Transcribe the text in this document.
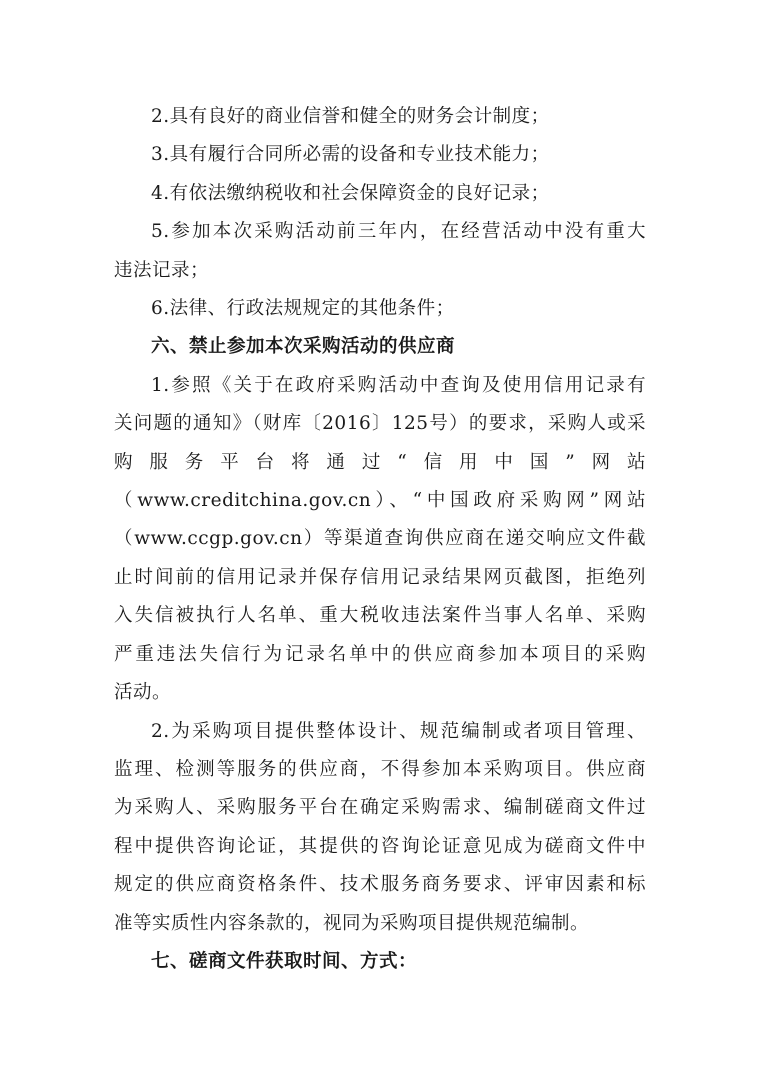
2.具有良好的商业信誉和健全的财务会计制度；

3.具有履行合同所必需的设备和专业技术能力；

4.有依法缴纳税收和社会保障资金的良好记录；

5.参加本次采购活动前三年内，在经营活动中没有重大
违法记录；

6.法律、行政法规规定的其他条件；

六、禁止参加本次采购活动的供应商

1.参照《关于在政府采购活动中查询及使用信用记录有
关问题的通知》（财库〔2016〕125号）的要求，采购人或采
购服务平台将通过“信用中国”网站
（www.creditchina.gov.cn）、“中国政府采购网”网站
（www.ccgp.gov.cn）等渠道查询供应商在递交响应文件截
止时间前的信用记录并保存信用记录结果网页截图，拒绝列
入失信被执行人名单、重大税收违法案件当事人名单、采购
严重违法失信行为记录名单中的供应商参加本项目的采购
活动。

2.为采购项目提供整体设计、规范编制或者项目管理、
监理、检测等服务的供应商，不得参加本采购项目。供应商
为采购人、采购服务平台在确定采购需求、编制磋商文件过
程中提供咨询论证，其提供的咨询论证意见成为磋商文件中
规定的供应商资格条件、技术服务商务要求、评审因素和标
准等实质性内容条款的，视同为采购项目提供规范编制。

七、磋商文件获取时间、方式：
